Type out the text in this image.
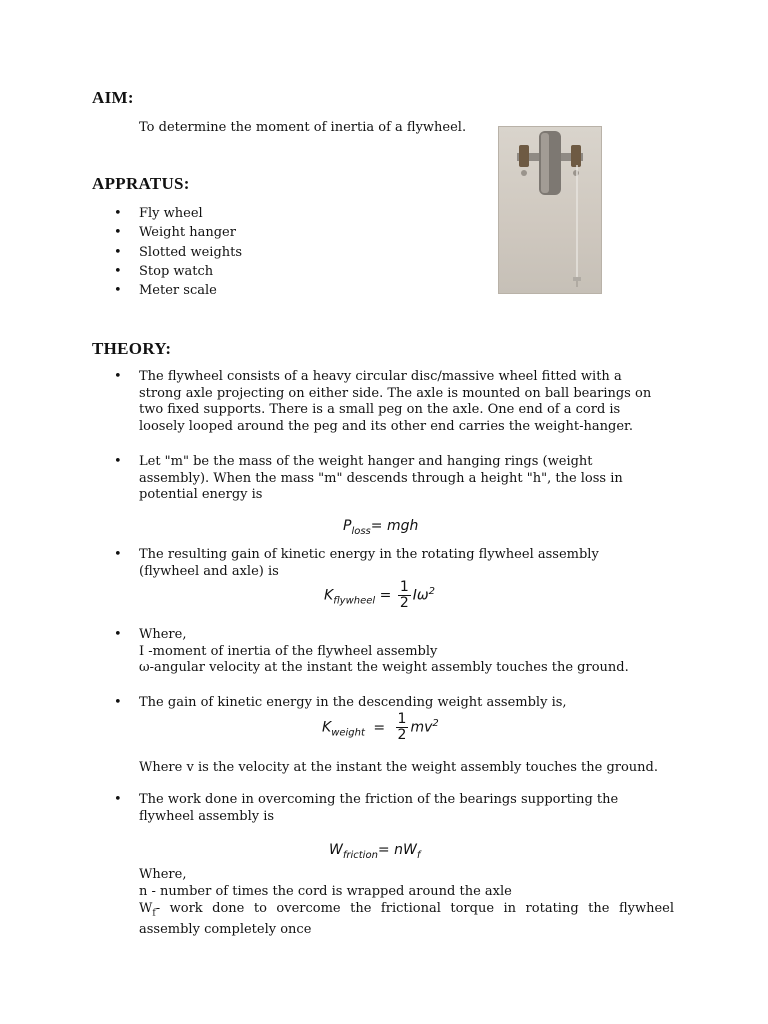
AIM:

To determine the moment of inertia of a flywheel.

APPRATUS:
• Fly wheel
• Weight hanger
• Slotted weights
• Stop watch
• Meter scale
THEORY:
• The flywheel consists of a heavy circular disc/massive wheel fitted with a
strong axle projecting on either side. The axle is mounted on ball bearings on
two fixed supports. There is a small peg on the axle. One end of a cord is
loosely looped around the peg and its other end carries the weight-hanger.
• Let "m" be the mass of the weight hanger and hanging rings (weight
assembly). When the mass "m" descends through a height "h", the loss in
potential energy is
$P_{loss}=$ mgh
• The resulting gain of kinetic energy in the rotating flywheel assembly
(flywheel and axle) is
$K_{flywheel} = \frac{1}{2} I\omega^2$
• Where,
I -moment of inertia of the flywheel assembly
ω-angular velocity at the instant the weight assembly touches the ground.
• The gain of kinetic energy in the descending weight assembly is,
$K_{weight} = \frac{1}{2} mv^2$

Where v is the velocity at the instant the weight assembly touches the ground.

• The work done in overcoming the friction of the bearings supporting the
flywheel assembly is
$W_{friction}= nW_f$
Where,
n - number of times the cord is wrapped around the axle
$W_f-$ work done to overcome the frictional torque in rotating the flywheel
assembly completely once
